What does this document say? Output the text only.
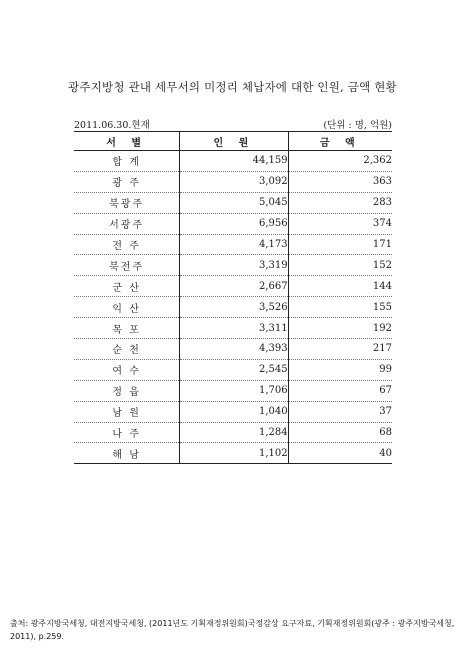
광주지방청 관내 세무서의 미정리 체납자에 대한 인원, 금액 현황
2011.06.30.현재	(단위 : 명, 억원)
서 별	인 원	금 액
합 계	44,159	2,362
광 주	3,092	363
북광주	5,045	283
서광주	6,956	374
전 주	4,173	171
북전주	3,319	152
군 산	2,667	144
익 산	3,526	155
목 포	3,311	192
순 천	4,393	217
여 수	2,545	99
정 읍	1,706	67
남 원	1,040	37
나 주	1,284	68
해 남	1,102	40
출처: 광주지방국세청, 대전지방국세청, (2011년도 기획재정위원회)국정감상 요구자료, 기획재정위원회(광주 : 광주지방국세청, 2011), p.259.
